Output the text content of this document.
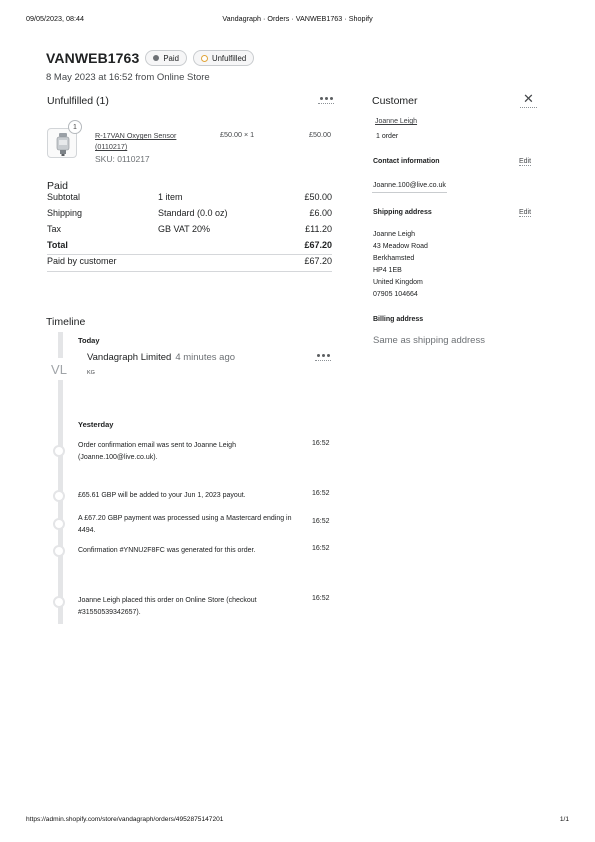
09/05/2023, 08:44	Vandagraph · Orders · VANWEB1763 · Shopify
VANWEB1763	Paid	Unfulfilled
8 May 2023 at 16:52 from Online Store
Unfulfilled (1)
1
R-17VAN Oxygen Sensor (0110217)
SKU: 0110217
£50.00 × 1	£50.00
Paid
Subtotal	1 item	£50.00
Shipping	Standard (0.0 oz)	£6.00
Tax	GB VAT 20%	£11.20
Total	£67.20
Paid by customer	£67.20
Timeline
Today
VL
Vandagraph Limited 4 minutes ago
KG
Yesterday
Order confirmation email was sent to Joanne Leigh (Joanne.100@live.co.uk).
16:52
£65.61 GBP will be added to your Jun 1, 2023 payout.	16:52
A £67.20 GBP payment was processed using a Mastercard ending in 4494.
16:52
Confirmation #YNNU2F8FC was generated for this order.	16:52
Joanne Leigh placed this order on Online Store (checkout #31550539342657).
16:52
Customer	✕
Joanne Leigh
1 order
Contact information	Edit
Joanne.100@live.co.uk
Shipping address	Edit
Joanne Leigh
43 Meadow Road
Berkhamsted
HP4 1EB
United Kingdom
07905 104664
Billing address
Same as shipping address
https://admin.shopify.com/store/vandagraph/orders/4952875147201	1/1
